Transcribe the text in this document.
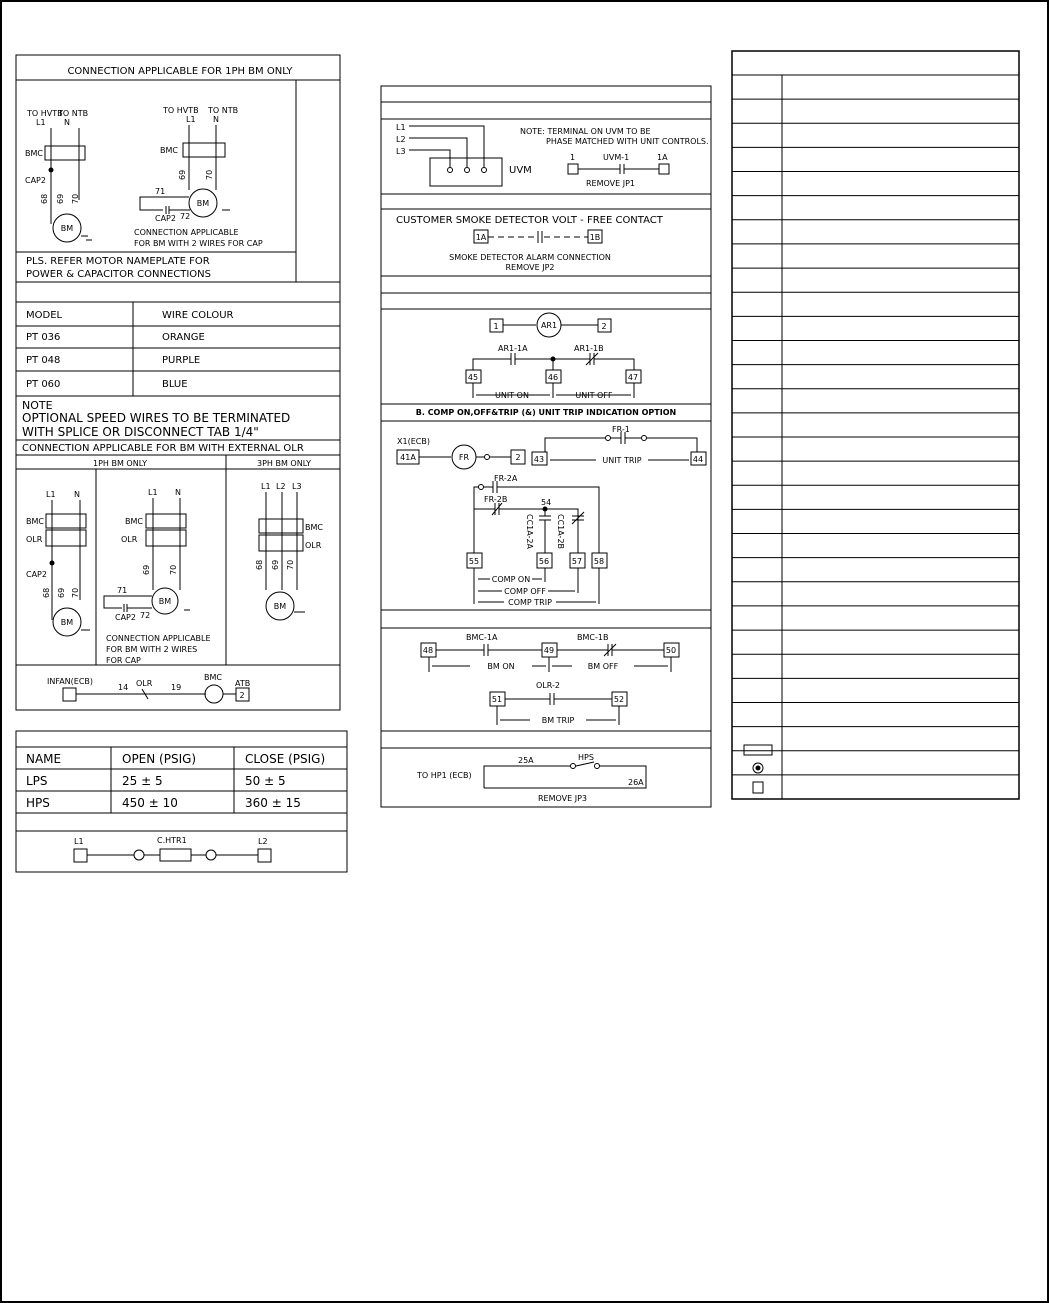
CONNECTION APPLICABLE FOR 1PH BM ONLY
TO HVTB
TO NTB
L1 N
BMC
CAP2
68 69 70
BM
TO HVTB TO NTB
L1 N
BMC
69 70
BM
71
CAP2 72
CONNECTION APPLICABLE
FOR BM WITH 2 WIRES FOR CAP
PLS. REFER MOTOR NAMEPLATE FOR
POWER & CAPACITOR CONNECTIONS
MODEL	WIRE COLOUR
PT 036	ORANGE
PT 048	PURPLE
PT 060	BLUE
NOTE
OPTIONAL SPEED WIRES TO BE TERMINATED
WITH SPLICE OR DISCONNECT TAB 1/4"
CONNECTION APPLICABLE FOR BM WITH EXTERNAL OLR
1PH BM ONLY	3PH BM ONLY
L1 N
BMC
OLR
CAP2
68 69 70
BM
L1 N
BMC
OLR
69 70
BM
71
CAP2 72
CONNECTION APPLICABLE
FOR BM WITH 2 WIRES
FOR CAP
L1 L2 L3
BMC
OLR
68 69 70
BM
INFAN(ECB)
14 OLR 19
BMC
ATB
2
NAME	OPEN (PSIG)	CLOSE (PSIG)
LPS	25 ± 5	50 ± 5
HPS	450 ± 10	360 ± 15
L1	C.HTR1	L2
L1
L2
L3
UVM
NOTE: TERMINAL ON UVM TO BE
PHASE MATCHED WITH UNIT CONTROLS.
1	UVM-1	1A
REMOVE JP1
CUSTOMER SMOKE DETECTOR VOLT - FREE CONTACT
1A	1B
SMOKE DETECTOR ALARM CONNECTION
REMOVE JP2
1	AR1	2
AR1-1A	AR1-1B
45	46	47
UNIT ON	UNIT OFF
B. COMP ON,OFF&TRIP (&) UNIT TRIP INDICATION OPTION
X1(ECB)
41A	FR	2
FR-1
43	UNIT TRIP	44
FR-2A
FR-2B	54
CC1A-2A	CC1A-2B
55	56	57 58
COMP ON
COMP OFF
COMP TRIP
BMC-1A	BMC-1B
48	49	50
BM ON	BM OFF
OLR-2
51	52
BM TRIP
TO HP1 (ECB)
25A	HPS
26A
REMOVE JP3
